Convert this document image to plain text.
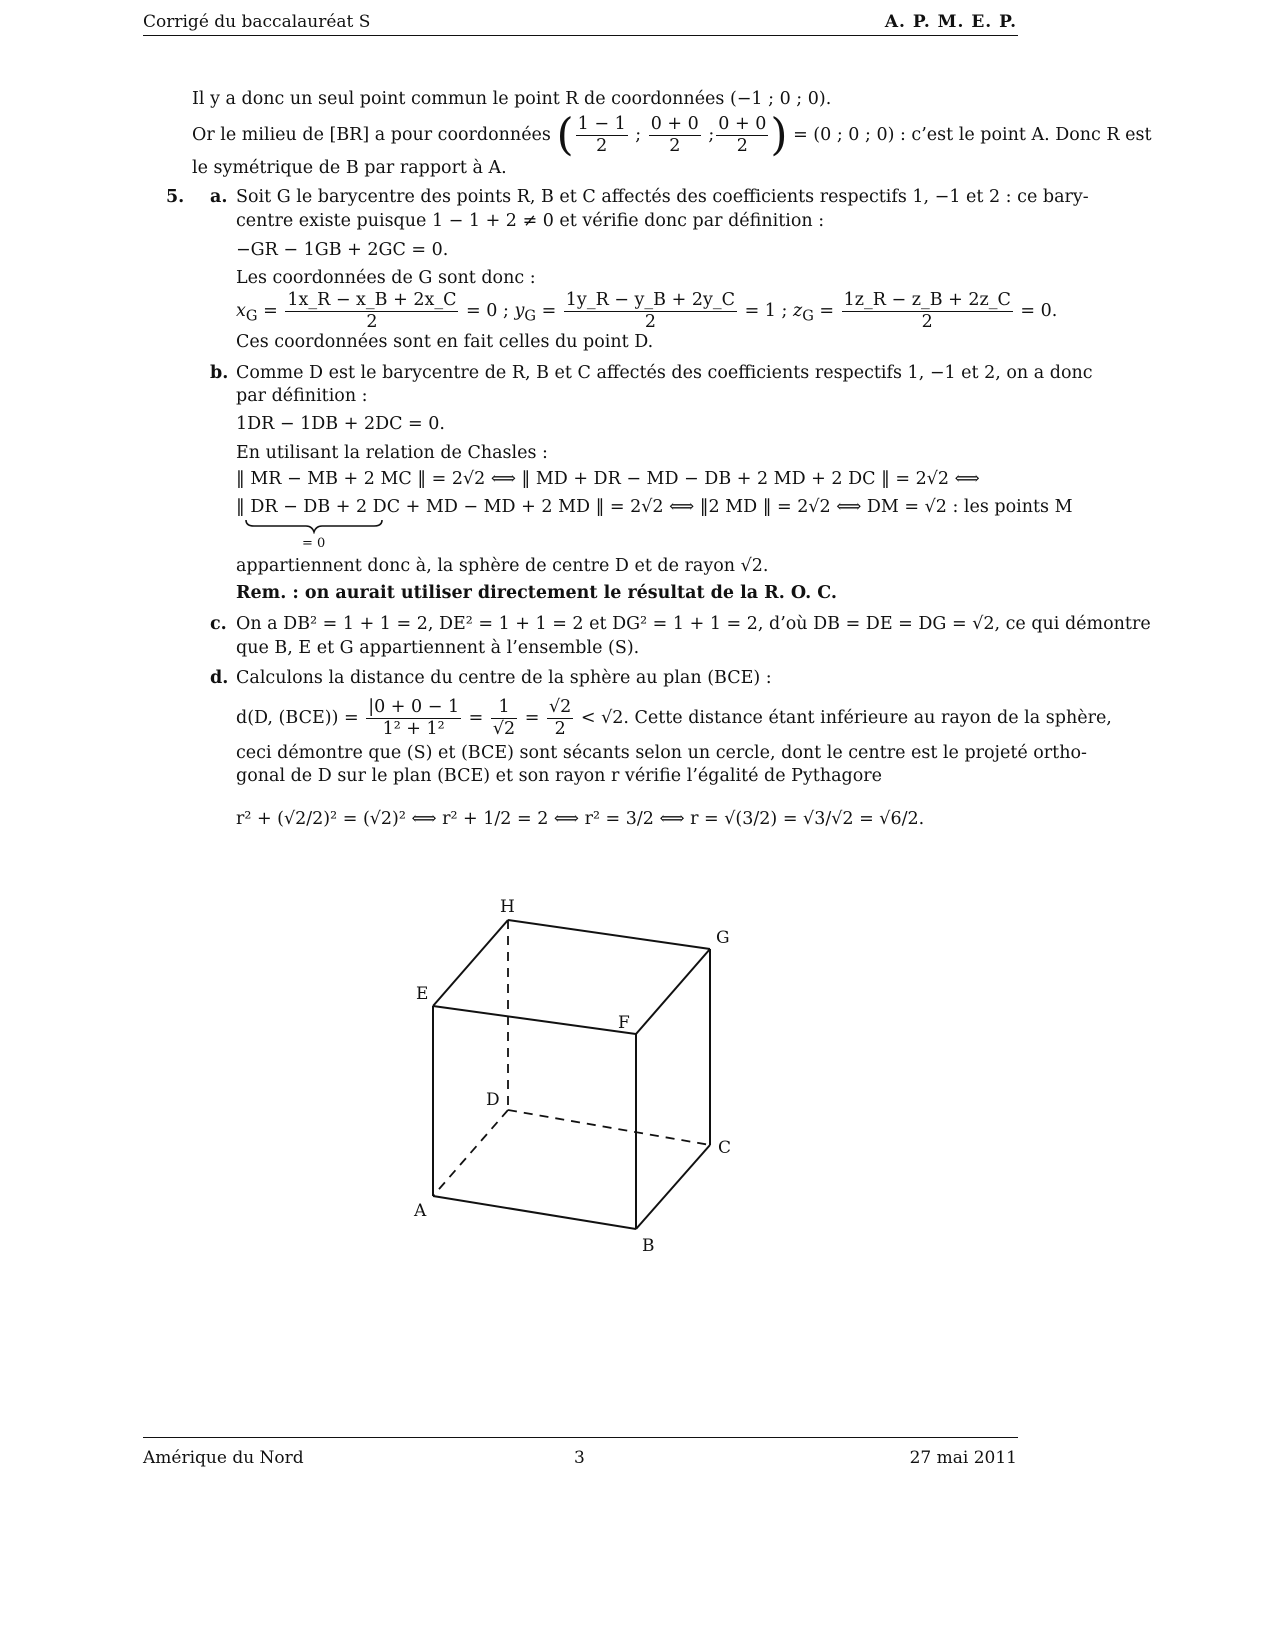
Corrigé du baccalauréat S	A. P. M. E. P.
Il y a donc un seul point commun le point R de coordonnées (−1 ; 0 ; 0).
Or le milieu de [BR] a pour coordonnées ( $\frac{1 - 1}{2}$ ; $\frac{0 + 0}{2}$ ; $\frac{0 + 0}{2}$ ) = (0 ; 0 ; 0) : c’est le point A. Donc R est
le symétrique de B par rapport à A.
5. a. Soit G le barycentre des points R, B et C affectés des coefficients respectifs 1, −1 et 2 : ce bary-
centre existe puisque 1 − 1 + 2 ≠ 0 et vérifie donc par définition :
−GR − 1GB + 2GC = 0.
Les coordonnées de G sont donc :
$x_G = \frac{1x\_R - x\_B + 2x\_C}{2} = 0$ ; $y_G = \frac{1y\_R - y\_B + 2y\_C}{2} = 1$ ; $z_G = \frac{1z\_R - z\_B + 2z\_C}{2} = 0$.
Ces coordonnées sont en fait celles du point D.
b. Comme D est le barycentre de R, B et C affectés des coefficients respectifs 1, −1 et 2, on a donc
par définition :
1DR − 1DB + 2DC = 0.
En utilisant la relation de Chasles :
‖ MR − MB + 2 MC ‖ = 2√2 ⟺ ‖ MD + DR − MD − DB + 2 MD + 2 DC ‖ = 2√2 ⟺
‖ DR − DB + 2 DC + MD − MD + 2 MD ‖ = 2√2 ⟺ ‖2 MD ‖ = 2√2 ⟺ DM = √2 : les points M
= 0
appartiennent donc à, la sphère de centre D et de rayon √2.
Rem. : on aurait utiliser directement le résultat de la R. O. C.
c. On a DB² = 1 + 1 = 2, DE² = 1 + 1 = 2 et DG² = 1 + 1 = 2, d’où DB = DE = DG = √2, ce qui démontre
que B, E et G appartiennent à l’ensemble (S).
d. Calculons la distance du centre de la sphère au plan (BCE) :
d(D, $(BCE)) = \frac{|0 + 0 - 1}{\text{1² + 1²}} = \frac{1}{√2} = \frac{√2}{2} < √2$. Cette distance étant inférieure au rayon de la sphère,
ceci démontre que (S) et (BCE) sont sécants selon un cercle, dont le centre est le projeté ortho-
gonal de D sur le plan (BCE) et son rayon r vérifie l’égalité de Pythagore
r² + (√2/2)² = (√2)² ⟺ r² + 1/2 = 2 ⟺ r² = 3/2 ⟺ r = √(3/2) = √3/√2 = √6/2.
H
G
E
F
D
C
A
B
Amérique du Nord	3	27 mai 2011
